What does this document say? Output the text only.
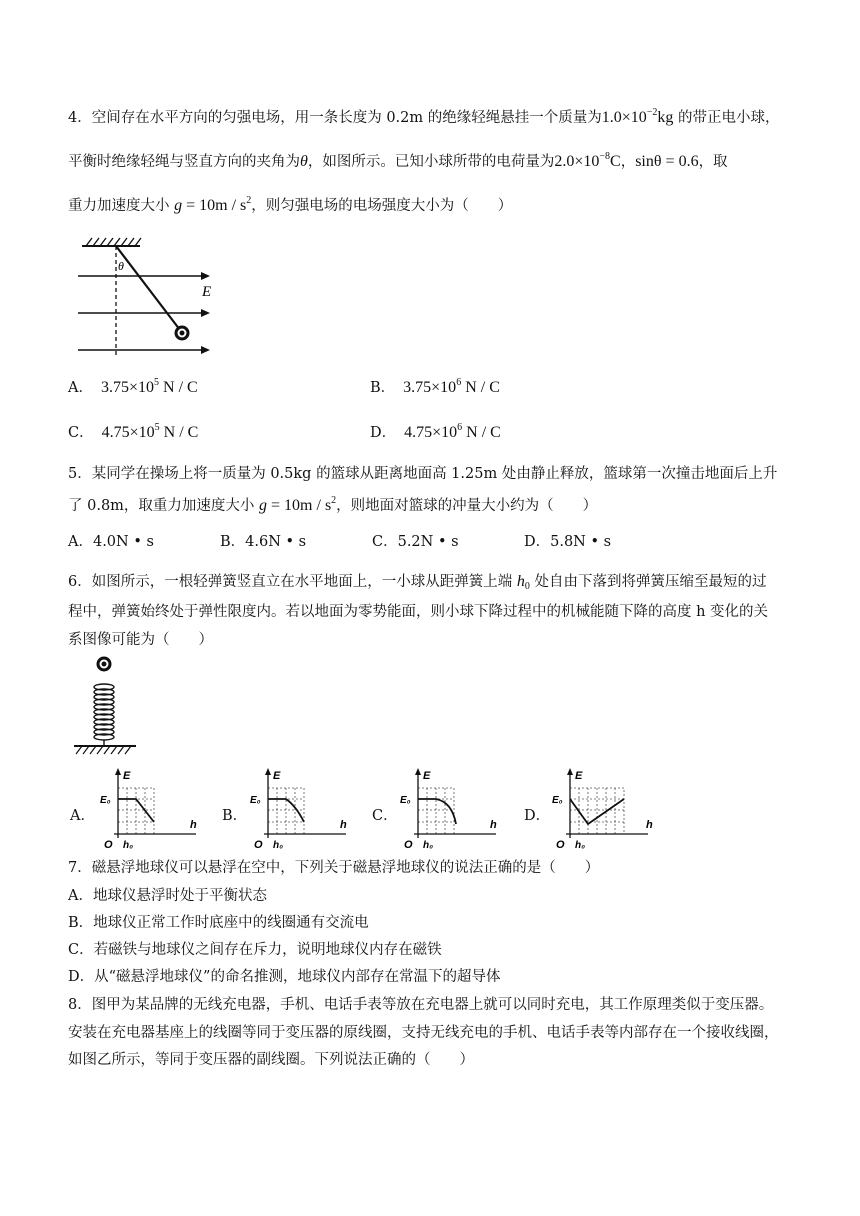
4．空间存在水平方向的匀强电场，用一条长度为 0.2m 的绝缘轻绳悬挂一个质量为$1.0\times 10^{-2}kg$ 的带正电小球，
平衡时绝缘轻绳与竖直方向的夹角为θ，如图所示。已知小球所带的电荷量为$2.0\times 10^{-8}C$，sinθ = 0.6，取
重力加速度大小 $g = 10m / s^2$，则匀强电场的电场强度大小为（　　）
θ
E
A． $3.75\times 10^5$ N / C	B． $3.75\times 10^6$ N / C
C． $4.75\times 10^5$ N / C	D． $4.75\times 10^6$ N / C
5．某同学在操场上将一质量为 0.5kg 的篮球从距离地面高 1.25m 处由静止释放，篮球第一次撞击地面后上升
了 0.8m，取重力加速度大小 $g = 10m / s^2$，则地面对篮球的冲量大小约为（　　）
A．4.0N • s	B．4.6N • s	C．5.2N • s	D．5.8N • s
6．如图所示，一根轻弹簧竖直立在水平地面上，一小球从距弹簧上端 $h_0$ 处自由下落到将弹簧压缩至最短的过
程中，弹簧始终处于弹性限度内。若以地面为零势能面，则小球下降过程中的机械能随下降的高度 h 变化的关
系图像可能为（　　）
A．
E
E₀
O h₀
h
B．
E
E₀
O h₀
h
C．
E
E₀
O h₀
h
D．
E
E₀
O h₀
h
7．磁悬浮地球仪可以悬浮在空中，下列关于磁悬浮地球仪的说法正确的是（　　）
A．地球仪悬浮时处于平衡状态
B．地球仪正常工作时底座中的线圈通有交流电
C．若磁铁与地球仪之间存在斥力，说明地球仪内存在磁铁
D．从“磁悬浮地球仪”的命名推测，地球仪内部存在常温下的超导体
8．图甲为某品牌的无线充电器，手机、电话手表等放在充电器上就可以同时充电，其工作原理类似于变压器。
安装在充电器基座上的线圈等同于变压器的原线圈，支持无线充电的手机、电话手表等内部存在一个接收线圈，
如图乙所示，等同于变压器的副线圈。下列说法正确的（　　）
